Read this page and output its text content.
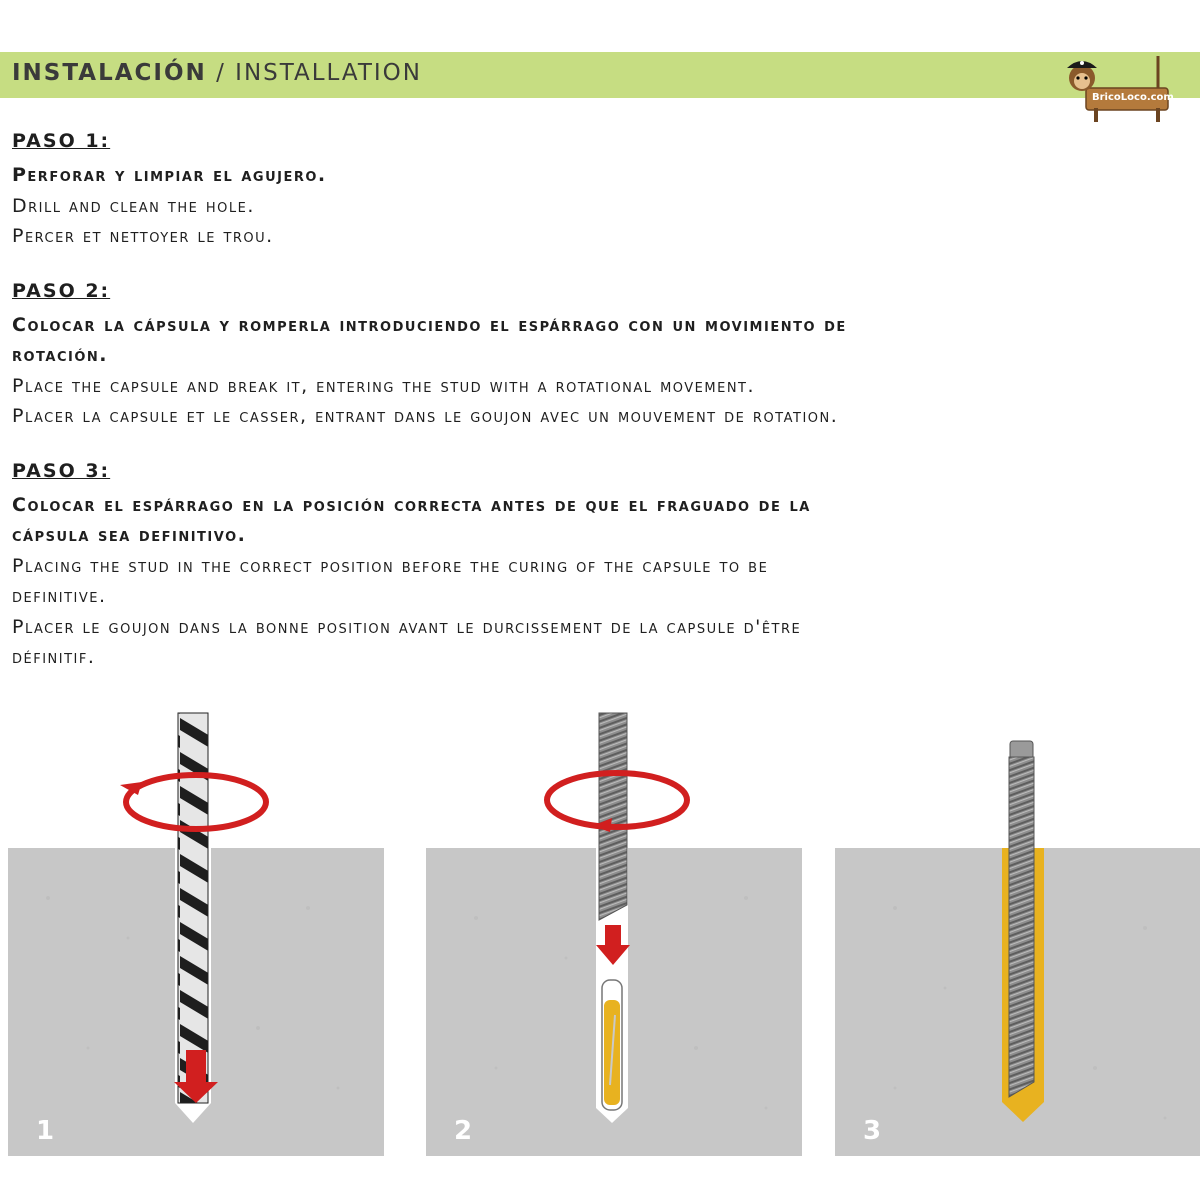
INSTALACIÓN / INSTALLATION
BricoLoco.com

PASO 1:

Perforar y limpiar el agujero.

Drill and clean the hole.

Percer et nettoyer le trou.

PASO 2:

Colocar la cápsula y romperla introduciendo el espárrago con un movimiento de

rotación.

Place the capsule and break it, entering the stud with a rotational movement.

Placer la capsule et le casser, entrant dans le goujon avec un mouvement de rotation.

PASO 3:

Colocar el espárrago en la posición correcta antes de que el fraguado de la

cápsula sea definitivo.

Placing the stud in the correct position before the curing of the capsule to be

definitive.

Placer le goujon dans la bonne position avant le durcissement de la capsule d'être

définitif.

1	2	3
